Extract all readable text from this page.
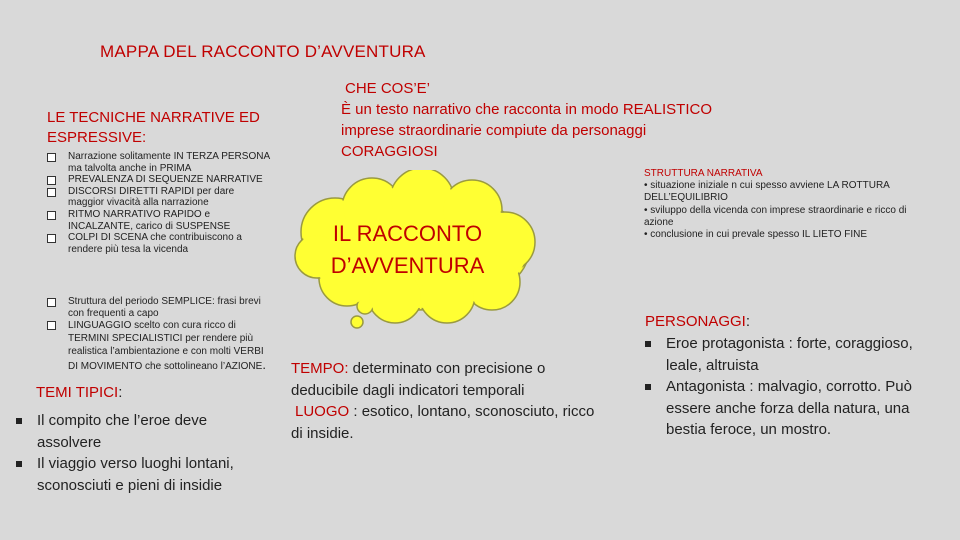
MAPPA DEL RACCONTO D’AVVENTURA
LE TECNICHE NARRATIVE ED ESPRESSIVE:
Narrazione solitamente IN TERZA PERSONA ma talvolta anche in PRIMA
PREVALENZA DI SEQUENZE NARRATIVE
DISCORSI DIRETTI RAPIDI per dare maggior vivacità alla narrazione
RITMO NARRATIVO RAPIDO e INCALZANTE, carico di SUSPENSE
COLPI DI SCENA che contribuiscono a rendere più tesa la vicenda
Struttura del periodo SEMPLICE: frasi brevi con frequenti a capo
LINGUAGGIO scelto con cura ricco di TERMINI SPECIALISTICI per rendere più realistica l’ambientazione e con molti VERBI DI MOVIMENTO che sottolineano l’AZIONE.
TEMI TIPICI:
Il compito che l’eroe deve assolvere
Il viaggio verso luoghi lontani, sconosciuti e pieni di insidie
CHE COS’E’
È un testo narrativo che racconta in modo REALISTICO imprese straordinarie compiute da personaggi CORAGGIOSI
IL RACCONTO
D’AVVENTURA
TEMPO: determinato con precisione o deducibile dagli indicatori temporali
LUOGO : esotico, lontano, sconosciuto, ricco di insidie.
STRUTTURA NARRATIVA
• situazione iniziale n cui spesso avviene LA ROTTURA DELL’EQUILIBRIO
• sviluppo della vicenda con imprese straordinarie e ricco di azione
• conclusione in cui prevale spesso IL LIETO FINE
PERSONAGGI:
Eroe protagonista : forte, coraggioso, leale, altruista
Antagonista : malvagio, corrotto. Può essere anche forza della natura, una bestia feroce, un mostro.
